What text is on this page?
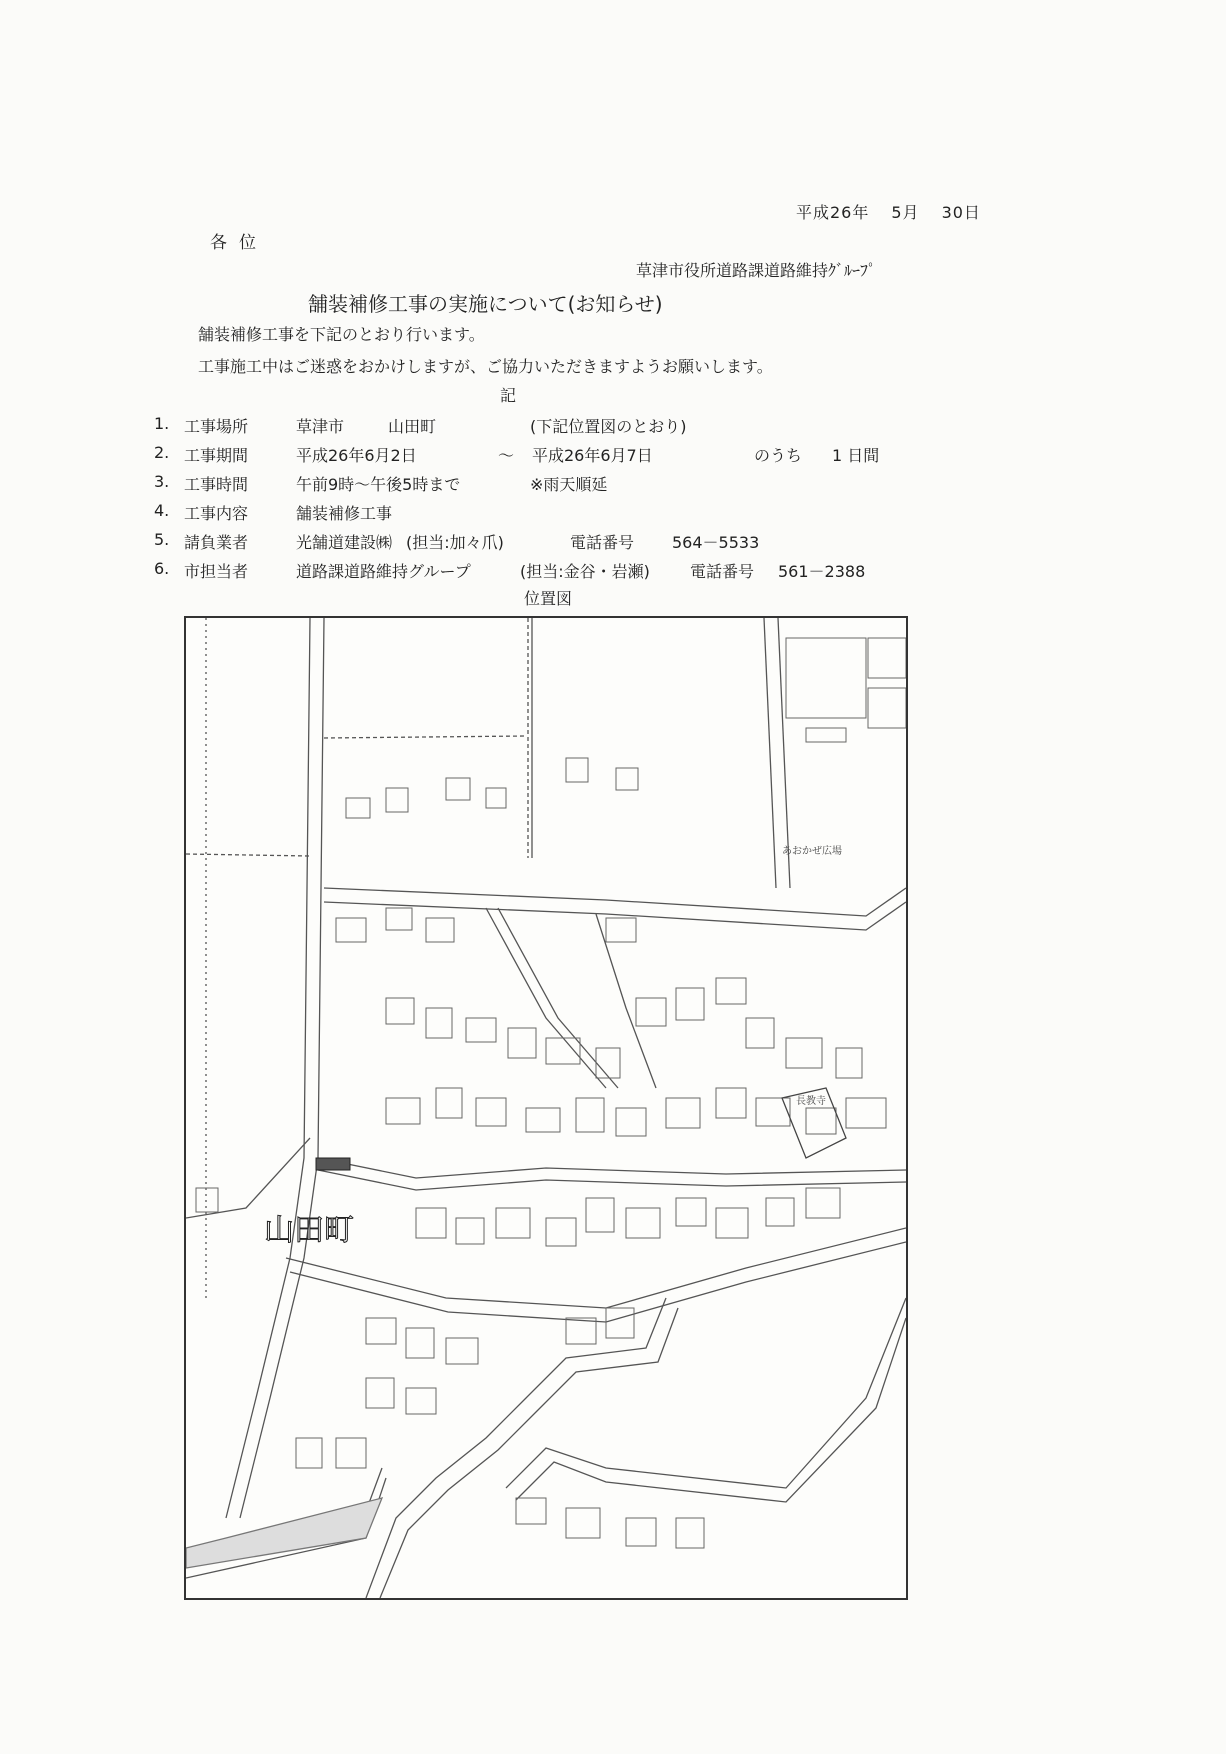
平成26年 5月 30日
各位
草津市役所道路課道路維持ｸﾞﾙｰﾌﾟ
舗装補修工事の実施について(お知らせ)
舗装補修工事を下記のとおり行います。
工事施工中はご迷惑をおかけしますが、ご協力いただきますようお願いします。
記
1. 工事場所	草津市	山田町	(下記位置図のとおり)
2. 工事期間	平成26年6月2日	～ 平成26年6月7日	のうち 1 日間
3. 工事時間	午前9時～午後5時まで	※雨天順延
4. 工事内容	舗装補修工事
5. 請負業者	光舗道建設㈱ (担当:加々爪)	電話番号 564－5533
6. 市担当者	道路課道路維持グループ	(担当:金谷・岩瀬)	電話番号 561－2388
位置図
山田町
あおかぜ広場
長教寺
